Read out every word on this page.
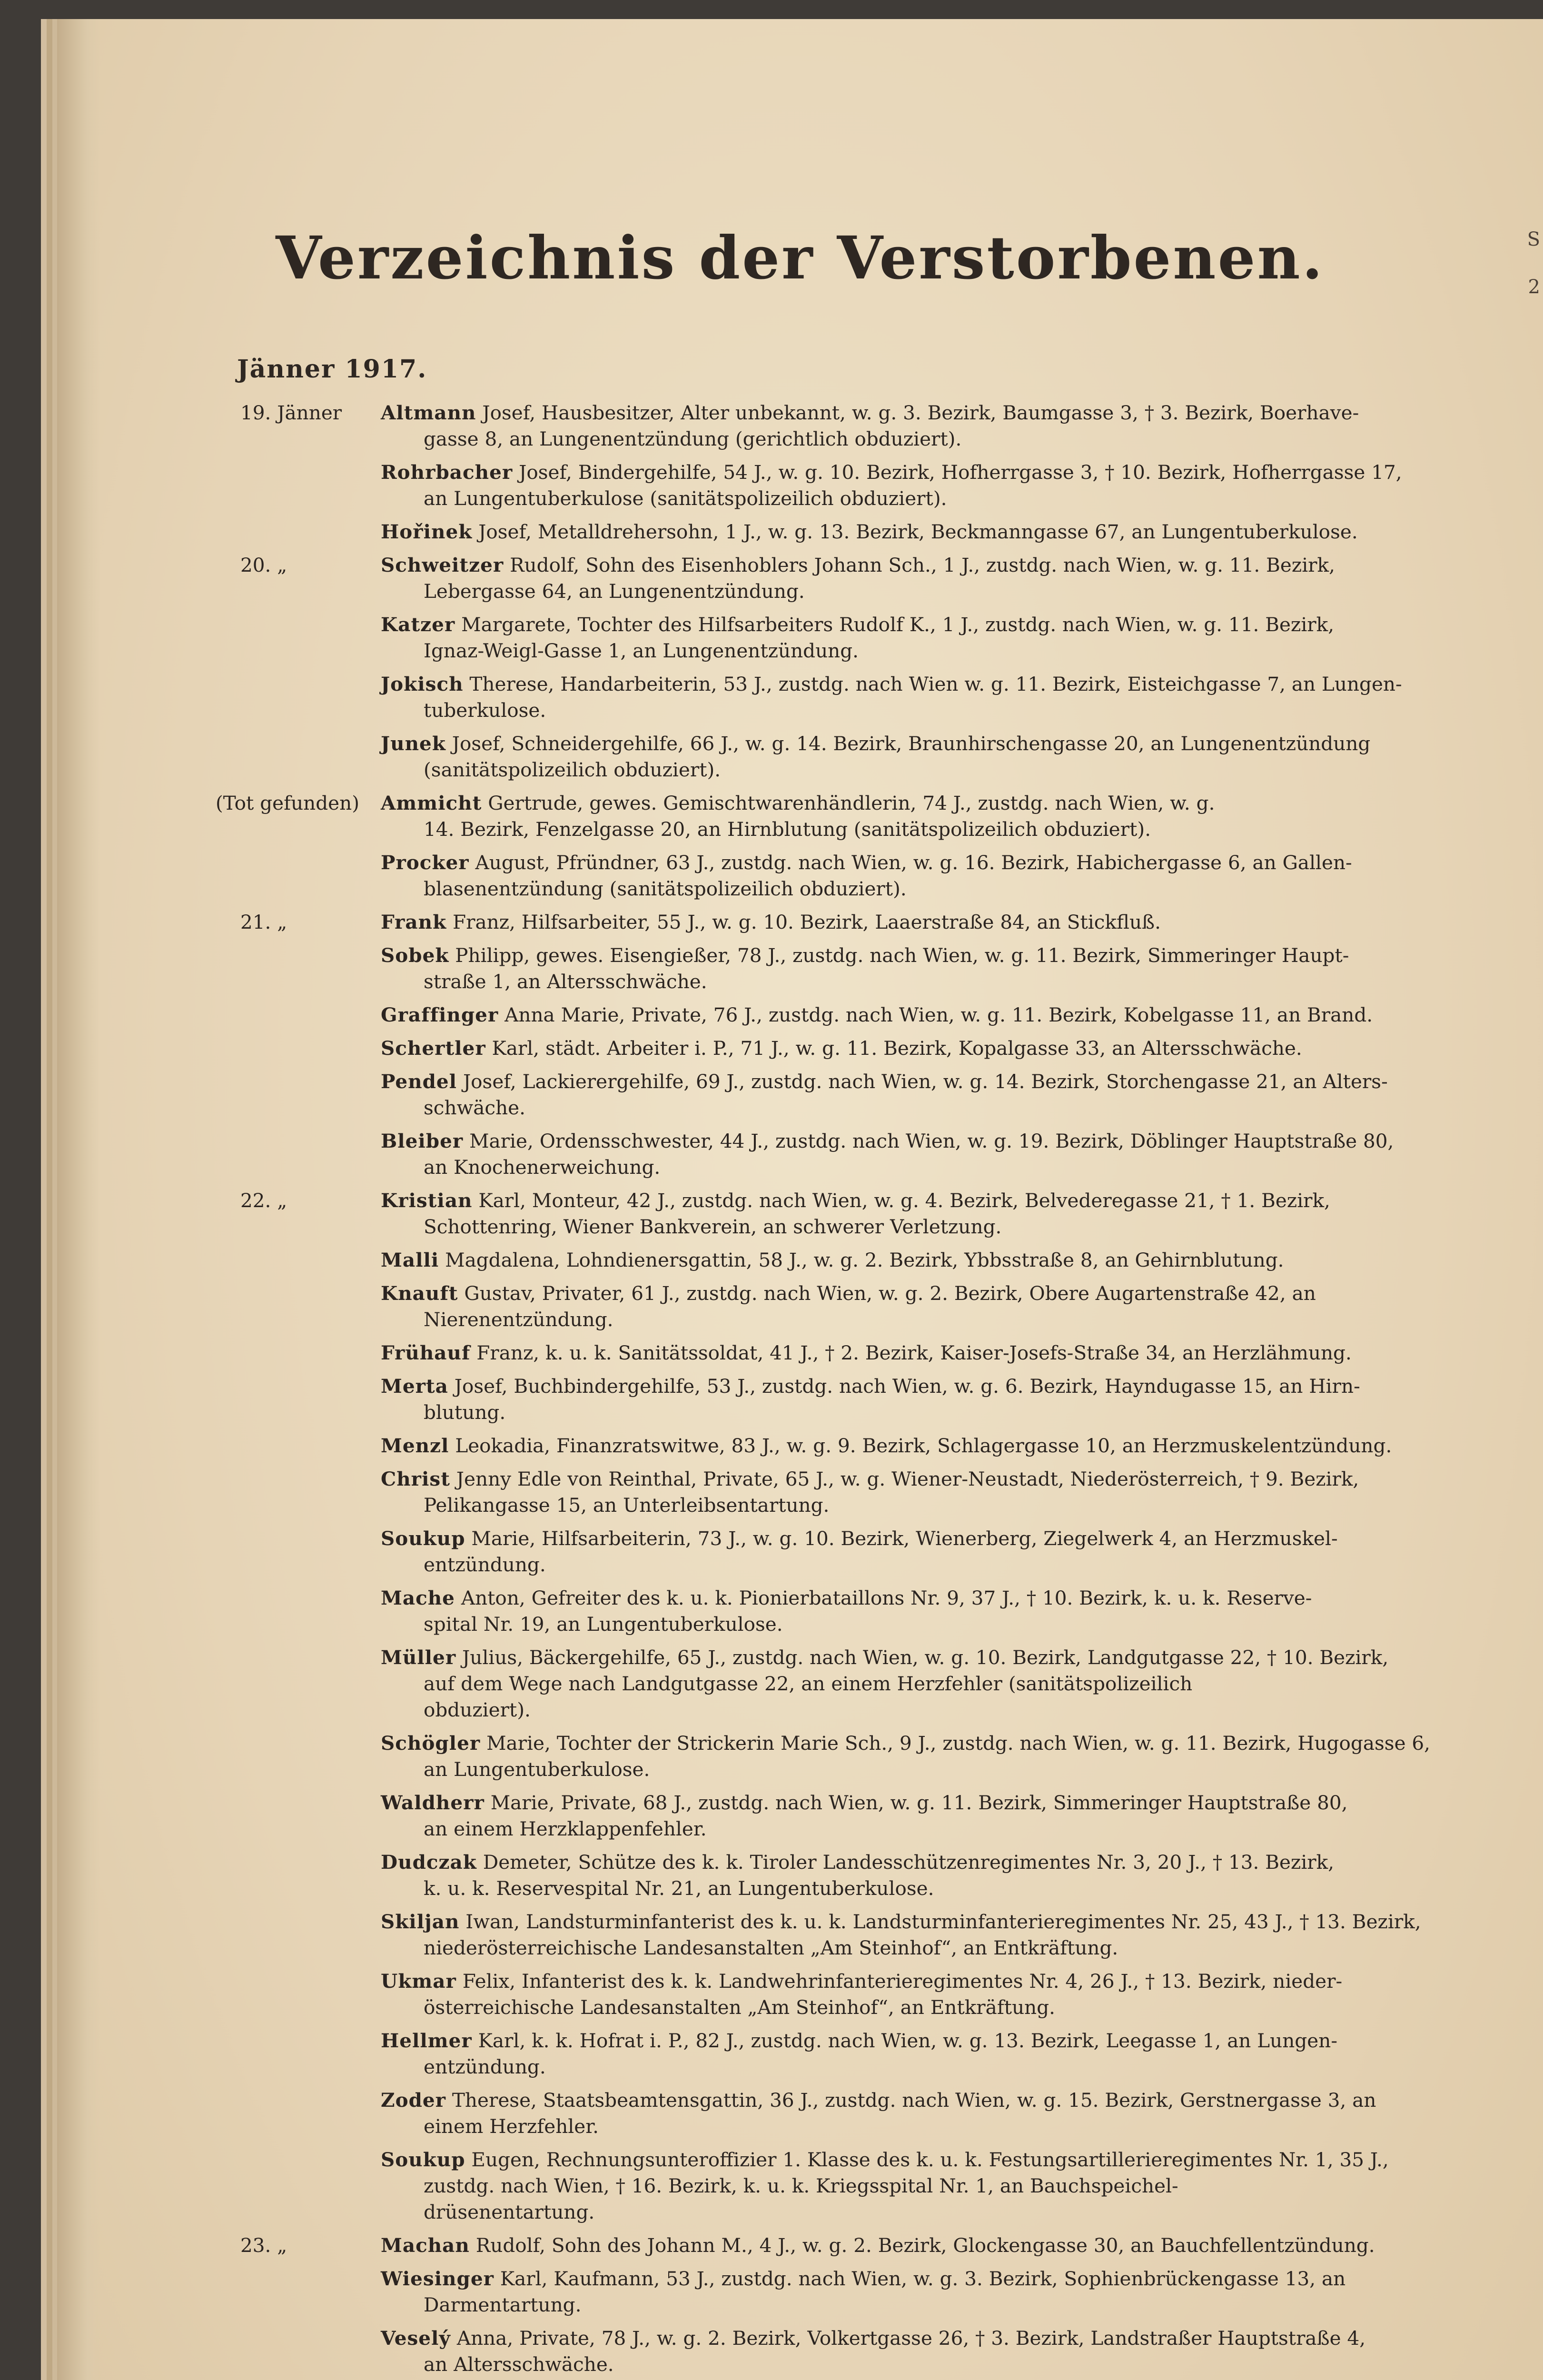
Verzeichnis der Verstorbenen.
Jänner 1917.
19. Jänner	Altmann Josef, Hausbesitzer, Alter unbekannt, w. g. 3. Bezirk, Baumgasse 3, † 3. Bezirk, Boerhave-
gasse 8, an Lungenentzündung (gerichtlich obduziert).
Rohrbacher Josef, Bindergehilfe, 54 J., w. g. 10. Bezirk, Hofherrgasse 3, † 10. Bezirk, Hofherrgasse 17,
an Lungentuberkulose (sanitätspolizeilich obduziert).
Hořinek Josef, Metalldrehersohn, 1 J., w. g. 13. Bezirk, Beckmanngasse 67, an Lungentuberkulose.
20. „	Schweitzer Rudolf, Sohn des Eisenhoblers Johann Sch., 1 J., zustdg. nach Wien, w. g. 11. Bezirk,
Lebergasse 64, an Lungenentzündung.
Katzer Margarete, Tochter des Hilfsarbeiters Rudolf K., 1 J., zustdg. nach Wien, w. g. 11. Bezirk,
Ignaz-Weigl-Gasse 1, an Lungenentzündung.
Jokisch Therese, Handarbeiterin, 53 J., zustdg. nach Wien w. g. 11. Bezirk, Eisteichgasse 7, an Lungen-
tuberkulose.
Junek Josef, Schneidergehilfe, 66 J., w. g. 14. Bezirk, Braunhirschengasse 20, an Lungenentzündung
(sanitätspolizeilich obduziert).
(Tot gefunden)	Ammicht Gertrude, gewes. Gemischtwarenhändlerin, 74 J., zustdg. nach Wien, w. g.
14. Bezirk, Fenzelgasse 20, an Hirnblutung (sanitätspolizeilich obduziert).
Procker August, Pfründner, 63 J., zustdg. nach Wien, w. g. 16. Bezirk, Habichergasse 6, an Gallen-
blasenentzündung (sanitätspolizeilich obduziert).
21. „	Frank Franz, Hilfsarbeiter, 55 J., w. g. 10. Bezirk, Laaerstraße 84, an Stickfluß.
Sobek Philipp, gewes. Eisengießer, 78 J., zustdg. nach Wien, w. g. 11. Bezirk, Simmeringer Haupt-
straße 1, an Altersschwäche.
Graffinger Anna Marie, Private, 76 J., zustdg. nach Wien, w. g. 11. Bezirk, Kobelgasse 11, an Brand.
Schertler Karl, städt. Arbeiter i. P., 71 J., w. g. 11. Bezirk, Kopalgasse 33, an Altersschwäche.
Pendel Josef, Lackierergehilfe, 69 J., zustdg. nach Wien, w. g. 14. Bezirk, Storchengasse 21, an Alters-
schwäche.
Bleiber Marie, Ordensschwester, 44 J., zustdg. nach Wien, w. g. 19. Bezirk, Döblinger Hauptstraße 80,
an Knochenerweichung.
22. „	Kristian Karl, Monteur, 42 J., zustdg. nach Wien, w. g. 4. Bezirk, Belvederegasse 21, † 1. Bezirk,
Schottenring, Wiener Bankverein, an schwerer Verletzung.
Malli Magdalena, Lohndienersgattin, 58 J., w. g. 2. Bezirk, Ybbsstraße 8, an Gehirnblutung.
Knauft Gustav, Privater, 61 J., zustdg. nach Wien, w. g. 2. Bezirk, Obere Augartenstraße 42, an
Nierenentzündung.
Frühauf Franz, k. u. k. Sanitätssoldat, 41 J., † 2. Bezirk, Kaiser-Josefs-Straße 34, an Herzlähmung.
Merta Josef, Buchbindergehilfe, 53 J., zustdg. nach Wien, w. g. 6. Bezirk, Hayndugasse 15, an Hirn-
blutung.
Menzl Leokadia, Finanzratswitwe, 83 J., w. g. 9. Bezirk, Schlagergasse 10, an Herzmuskelentzündung.
Christ Jenny Edle von Reinthal, Private, 65 J., w. g. Wiener-Neustadt, Niederösterreich, † 9. Bezirk,
Pelikangasse 15, an Unterleibsentartung.
Soukup Marie, Hilfsarbeiterin, 73 J., w. g. 10. Bezirk, Wienerberg, Ziegelwerk 4, an Herzmuskel-
entzündung.
Mache Anton, Gefreiter des k. u. k. Pionierbataillons Nr. 9, 37 J., † 10. Bezirk, k. u. k. Reserve-
spital Nr. 19, an Lungentuberkulose.
Müller Julius, Bäckergehilfe, 65 J., zustdg. nach Wien, w. g. 10. Bezirk, Landgutgasse 22, † 10. Bezirk,
auf dem Wege nach Landgutgasse 22, an einem Herzfehler (sanitätspolizeilich
obduziert).
Schögler Marie, Tochter der Strickerin Marie Sch., 9 J., zustdg. nach Wien, w. g. 11. Bezirk, Hugogasse 6,
an Lungentuberkulose.
Waldherr Marie, Private, 68 J., zustdg. nach Wien, w. g. 11. Bezirk, Simmeringer Hauptstraße 80,
an einem Herzklappenfehler.
Dudczak Demeter, Schütze des k. k. Tiroler Landesschützenregimentes Nr. 3, 20 J., † 13. Bezirk,
k. u. k. Reservespital Nr. 21, an Lungentuberkulose.
Skiljan Iwan, Landsturminfanterist des k. u. k. Landsturminfanterieregimentes Nr. 25, 43 J., † 13. Bezirk,
niederösterreichische Landesanstalten „Am Steinhof“, an Entkräftung.
Ukmar Felix, Infanterist des k. k. Landwehrinfanterieregimentes Nr. 4, 26 J., † 13. Bezirk, nieder-
österreichische Landesanstalten „Am Steinhof“, an Entkräftung.
Hellmer Karl, k. k. Hofrat i. P., 82 J., zustdg. nach Wien, w. g. 13. Bezirk, Leegasse 1, an Lungen-
entzündung.
Zoder Therese, Staatsbeamtensgattin, 36 J., zustdg. nach Wien, w. g. 15. Bezirk, Gerstnergasse 3, an
einem Herzfehler.
Soukup Eugen, Rechnungsunteroffizier 1. Klasse des k. u. k. Festungsartillerieregimentes Nr. 1, 35 J.,
zustdg. nach Wien, † 16. Bezirk, k. u. k. Kriegsspital Nr. 1, an Bauchspeichel-
drüsenentartung.
23. „	Machan Rudolf, Sohn des Johann M., 4 J., w. g. 2. Bezirk, Glockengasse 30, an Bauchfellentzündung.
Wiesinger Karl, Kaufmann, 53 J., zustdg. nach Wien, w. g. 3. Bezirk, Sophienbrückengasse 13, an
Darmentartung.
Veselý Anna, Private, 78 J., w. g. 2. Bezirk, Volkertgasse 26, † 3. Bezirk, Landstraßer Hauptstraße 4,
an Altersschwäche.
S
2
